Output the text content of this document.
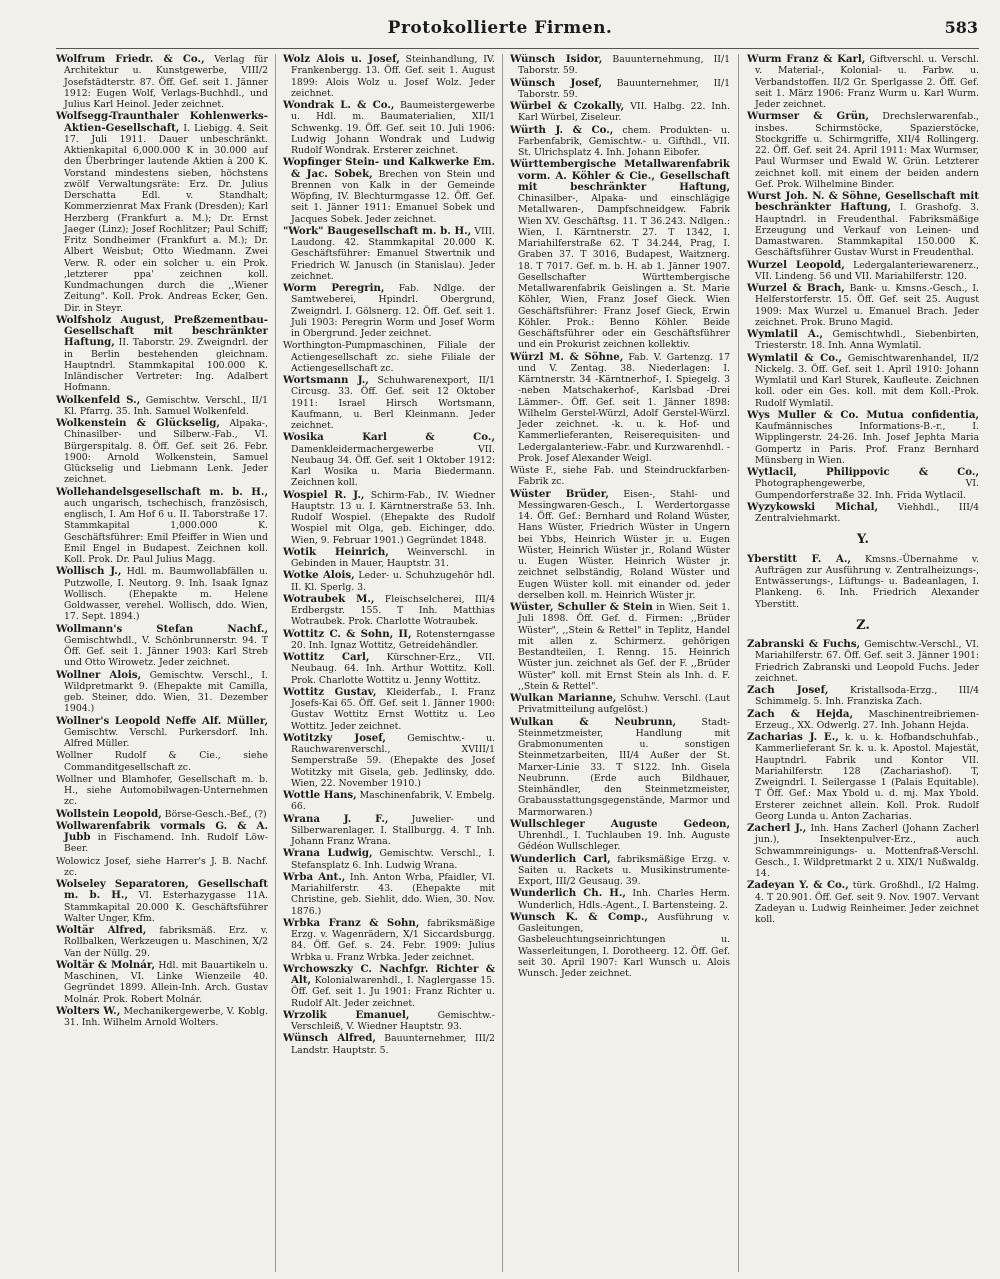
Protokollierte Firmen.	583
Wolfrum Friedr. & Co., Verlag für Architektur u. Kunstgewerbe, VIII/2 Josefstädterstr. 87. Öff. Gef. seit 1. Jänner 1912: Eugen Wolf, Verlags-Buchhdl., und Julius Karl Heinol. Jeder zeichnet.
Wolfsegg-Traunthaler Kohlenwerks-Aktien-Gesellschaft, I. Liebigg. 4. Seit 17. Juli 1911. Dauer unbeschränkt. Aktienkapital 6,000.000 K in 30.000 auf den Überbringer lautende Aktien à 200 K. Vorstand mindestens sieben, höchstens zwölf Verwaltungsräte: Erz. Dr. Julius Derschatta Edl. v. Standhalt; Kommerzienrat Max Frank (Dresden); Karl Herzberg (Frankfurt a. M.); Dr. Ernst Jaeger (Linz); Josef Rochlitzer; Paul Schiff; Fritz Sondheimer (Frankfurt a. M.); Dr. Albert Weisbut; Otto Wiedmann. Zwei Verw. R. oder ein solcher u. ein Prok. ,letzterer ppa' zeichnen koll. Kundmachungen durch die ,,Wiener Zeitung". Koll. Prok. Andreas Ecker, Gen. Dir. in Steyr.
Wolfsholz August, Preßzementbau-Gesellschaft mit beschränkter Haftung, II. Taborstr. 29. Zweigndrl. der in Berlin bestehenden gleichnam. Hauptndrl. Stammkapital 100.000 K. Inländischer Vertreter: Ing. Adalbert Hofmann.
Wolkenfeld S., Gemischtw. Verschl., II/1 Kl. Pfarrg. 35. Inh. Samuel Wolkenfeld.
Wolkenstein & Glückselig, Alpaka-, Chinasilber- und Silberw.-Fab., VI. Bürgerspitalg. 8. Öff. Gef. seit 26. Febr. 1900: Arnold Wolkenstein, Samuel Glückselig und Liebmann Lenk. Jeder zeichnet.
Wollehandelsgesellschaft m. b. H., auch ungarisch, tschechisch, französisch, englisch, I. Am Hof 6 u. II. Taborstraße 17. Stammkapital 1,000.000 K. Geschäftsführer: Emil Pfeiffer in Wien und Emil Engel in Budapest. Zeichnen koll. Koll. Prok. Dr. Paul Julius Magg.
Wollisch J., Hdl. m. Baumwollabfällen u. Putzwolle, I. Neutorg. 9. Inh. Isaak Ignaz Wollisch. (Ehepakte m. Helene Goldwasser, verehel. Wollisch, ddo. Wien, 17. Sept. 1894.)
Wollmann's Stefan Nachf., Gemischtwhdl., V. Schönbrunnerstr. 94. T Öff. Gef. seit 1. Jänner 1903: Karl Streb und Otto Wirowetz. Jeder zeichnet.
Wollner Alois, Gemischtw. Verschl., I. Wildpretmarkt 9. (Ehepakte mit Camilla, geb. Steiner, ddo. Wien, 31. Dezember 1904.)
Wollner's Leopold Neffe Alf. Müller, Gemischtw. Verschl. Purkersdorf. Inh. Alfred Müller.
Wollner Rudolf & Cie., siehe Commanditgesellschaft zc.
Wollner und Blamhofer, Gesellschaft m. b. H., siehe Automobilwagen-Unternehmen zc.
Wollstein Leopold, Börse-Gesch.-Bef., (?)
Wollwarenfabrik vormals G. & A. Jubb in Fischamend. Inh. Rudolf Löw-Beer.
Wolowicz Josef, siehe Harrer's J. B. Nachf. zc.
Wolseley Separatoren, Gesellschaft m. b. H., VI. Esterhazygasse 11A. Stammkapital 20.000 K. Geschäftsführer Walter Unger, Kfm.
Woltär Alfred, fabriksmäß. Erz. v. Rollbalken, Werkzeugen u. Maschinen, X/2 Van der Nüllg. 29.
Woltär & Molnár, Hdl. mit Bauartikeln u. Maschinen, VI. Linke Wienzeile 40. Gegründet 1899. Allein-Inh. Arch. Gustav Molnár. Prok. Robert Molnár.
Wolters W., Mechanikergewerbe, V. Koblg. 31. Inh. Wilhelm Arnold Wolters.
Wolz Alois u. Josef, Steinhandlung, IV. Frankenbergg. 13. Öff. Gef. seit 1. August 1899: Alois Wolz u. Josef Wolz. Jeder zeichnet.
Wondrak L. & Co., Baumeistergewerbe u. Hdl. m. Baumaterialien, XII/1 Schwenkg. 19. Öff. Gef. seit 10. Juli 1906: Ludwig Johann Wondrak und Ludwig Rudolf Wondrak. Ersterer zeichnet.
Wopfinger Stein- und Kalkwerke Em. & Jac. Sobek, Brechen von Stein und Brennen von Kalk in der Gemeinde Wöpfing, IV. Blechturmgasse 12. Öff. Gef. seit 1. Jänner 1911: Emanuel Sobek und Jacques Sobek. Jeder zeichnet.
"Work" Baugesellschaft m. b. H., VIII. Laudong. 42. Stammkapital 20.000 K. Geschäftsführer: Emanuel Stwertnik und Friedrich W. Janusch (in Stanislau). Jeder zeichnet.
Worm Peregrin, Fab. Ndlge. der Samtweberei, Hpindrl. Obergrund, Zweigndrl. I. Gölsnerg. 12. Öff. Gef. seit 1. Juli 1903: Peregrin Worm und Josef Worm in Obergrund. Jeder zeichnet.
Worthington-Pumpmaschinen, Filiale der Actiengesellschaft zc. siehe Filiale der Actiengesellschaft zc.
Wortsmann J., Schuhwarenexport, II/1 Circusg. 33. Öff. Gef. seit 12 Oktober 1911: Israel Hirsch Wortsmann, Kaufmann, u. Berl Kleinmann. Jeder zeichnet.
Wosika Karl & Co., Damenkleidermachergewerbe VII. Neubaug 34. Öff. Gef. seit 1 Oktober 1912: Karl Wosika u. Maria Biedermann. Zeichnen koll.
Wospiel R. J., Schirm-Fab., IV. Wiedner Hauptstr. 13 u. I. Kärntnerstraße 53. Inh. Rudolf Wospiel. (Ehepakte des Rudolf Wospiel mit Olga, geb. Eichinger, ddo. Wien, 9. Februar 1901.) Gegründet 1848.
Wotik Heinrich, Weinverschl. in Gebinden in Mauer, Hauptstr. 31.
Wotke Alois, Leder- u. Schuhzugehör hdl. II. Kl. Sperlg. 3.
Wotraubek M., Fleischselcherei, III/4 Erdbergstr. 155. T Inh. Matthias Wotraubek. Prok. Charlotte Wotraubek.
Wottitz C. & Sohn, II, Rotensterngasse 20. Inh. Ignaz Wottitz, Getreidehändler.
Wottitz Carl, Kürschner-Erz., VII. Neubaug. 64. Inh. Arthur Wottitz. Koll. Prok. Charlotte Wottitz u. Jenny Wottitz.
Wottitz Gustav, Kleiderfab., I. Franz Josefs-Kai 65. Öff. Gef. seit 1. Jänner 1900: Gustav Wottitz Ernst Wottitz u. Leo Wottitz. Jeder zeichnet.
Wotitzky Josef, Gemischtw.- u. Rauchwarenverschl., XVIII/1 Semperstraße 59. (Ehepakte des Josef Wotitzky mit Gisela, geb. Jedlinsky, ddo. Wien, 22. November 1910.)
Wottle Hans, Maschinenfabrik, V. Embelg. 66.
Wrana J. F., Juwelier- und Silberwarenlager. I. Stallburgg. 4. T Inh. Johann Franz Wrana.
Wrana Ludwig, Gemischtw. Verschl., I. Stefansplatz 6. Inh. Ludwig Wrana.
Wrba Ant., Inh. Anton Wrba, Pfaidler, VI. Mariahilferstr. 43. (Ehepakte mit Christine, geb. Siehlit, ddo. Wien, 30. Nov. 1876.)
Wrbka Franz & Sohn, fabriksmäßige Erzg. v. Wagenrädern, X/1 Siccardsburgg. 84. Öff. Gef. s. 24. Febr. 1909: Julius Wrbka u. Franz Wrbka. Jeder zeichnet.
Wrchowszky C. Nachfgr. Richter & Alt, Kolonialwarenhdl., I. Naglergasse 15. Öff. Gef. seit 1. Ju 1901: Franz Richter u. Rudolf Alt. Jeder zeichnet.
Wrzolik Emanuel,	Gemischtw.-Verschleiß, V. Wiedner Hauptstr. 93.
Wünsch Alfred, Bauunternehmer, III/2 Landstr. Hauptstr. 5.
Wünsch Isidor, Bauunternehmung, II/1 Taborstr. 59.
Wünsch Josef, Bauunternehmer, II/1 Taborstr. 59.
Würbel & Czokally, VII. Halbg. 22. Inh. Karl Würbel, Ziseleur.
Würth J. & Co., chem. Produkten- u. Farbenfabrik, Gemischtw.- u. Gifthdl., VII. St. Ulrichsplatz 4. Inh. Johann Eibofer.
Württembergische Metallwarenfabrik vorm. A. Köhler & Cie., Gesellschaft mit beschränkter Haftung, Chinasilber-, Alpaka- und einschlägige Metallwaren-, Dampfschneidgew. Fabrik Wien XV. Geschäftsg. 11. T 36.243. Ndlgen.: Wien, I. Kärntnerstr. 27. T 1342, I. Mariahilferstraße 62. T 34.244, Prag, I. Graben 37. T 3016, Budapest, Waitznerg. 18. T 7017. Gef. m. b. H. ab 1. Jänner 1907. Gesellschafter Württembergische Metallwarenfabrik Geislingen a. St. Marie Köhler, Wien, Franz Josef Gieck. Wien Geschäftsführer: Franz Josef Gieck, Erwin Köhler. Prok.: Benno Köhler. Beide Geschäftsführer oder ein Geschäftsführer und ein Prokurist zeichnen kollektiv.
Würzl M. & Söhne, Fab. V. Gartenzg. 17 und V. Zentag. 38. Niederlagen: I. Kärntnerstr. 34 -Kärntnerhof-, I. Spiegelg. 3 -neben Matschakerhof-, Karlsbad -Drei Lämmer-. Öff. Gef. seit 1. Jänner 1898: Wilhelm Gerstel-Würzl, Adolf Gerstel-Würzl. Jeder zeichnet. -k. u. k. Hof- und Kammerlieferanten, Reiserequisiten- und Ledergalanteriew.-Fabr. und Kurzwarenhdl. -Prok. Josef Alexander Weigl.
Wüste F., siehe Fab. und Steindruckfarben-Fabrik zc.
Wüster Brüder, Eisen-, Stahl- und Messingwaren-Gesch., I. Werdertorgasse 14. Öff. Gef.: Bernhard und Roland Wüster, Hans Wüster, Friedrich Wüster in Ungern bei Ybbs, Heinrich Wüster jr. u. Eugen Wüster, Heinrich Wüster jr., Roland Wüster u. Eugen Wüster. Heinrich Wüster jr. zeichnet selbständig, Roland Wüster und Eugen Wüster koll. mit einander od. jeder derselben koll. m. Heinrich Wüster jr.
Wüster, Schuller & Stein in Wien. Seit 1. Juli 1898. Öff. Gef. d. Firmen: ,,Brüder Wüster", ,,Stein & Rettel" in Teplitz, Handel mit allen z. Schirmerz. gehörigen Bestandteilen, I. Renng. 15. Heinrich Wüster jun. zeichnet als Gef. der F. ,,Brüder Wüster" koll. mit Ernst Stein als Inh. d. F. ,,Stein & Rettel".
Wulkan Marianne, Schuhw. Verschl. (Laut Privatmitteilung aufgelöst.)
Wulkan & Neubrunn,	Stadt-Steinmetzmeister, Handlung mit Grabmonumenten u. sonstigen Steinmetzarbeiten, III/4 Außer der St. Marxer-Linie 33. T S122. Inh. Gisela Neubrunn. (Erde auch Bildhauer, Steinhändler, den Steinmetzmeister, Grabausstattungsgegenstände, Marmor und Marmorwaren.)
Wullschleger Auguste Gedeon, Uhrenhdl., I. Tuchlauben 19. Inh. Auguste Gédéon Wullschleger.
Wunderlich Carl, fabriksmäßige Erzg. v. Saiten u. Rackets u. Musikinstrumente-Export, III/2 Geusaug. 39.
Wunderlich Ch. H., Inh. Charles Herm. Wunderlich, Hdls.-Agent., I. Bartensteing. 2.
Wunsch K. & Comp., Ausführung v. Gasleitungen, Gasbeleuchtungseinrichtungen u. Wasserleitungen, I. Dorotheerg. 12. Öff. Gef. seit 30. April 1907: Karl Wunsch u. Alois Wunsch. Jeder zeichnet.
Wurm Franz & Karl, Giftverschl. u. Verschl. v. Material-, Kolonial- u. Farbw. u. Verbandstoffen. II/2 Gr. Sperlgasse 2. Öff. Gef. seit 1. März 1906: Franz Wurm u. Karl Wurm. Jeder zeichnet.
Wurmser & Grün, Drechslerwarenfab., insbes. Schirmstöcke, Spazierstöcke, Stockgriffe u. Schirmgriffe, XII/4 Rollingerg. 22. Öff. Gef. seit 24. April 1911: Max Wurmser, Paul Wurmser und Ewald W. Grün. Letzterer zeichnet koll. mit einem der beiden andern Gef. Prok. Wilhelmine Binder.
Wurst Joh. N. & Söhne, Gesellschaft mit beschränkter Haftung, I. Grashofg. 3. Hauptndrl. in Freudenthal. Fabriksmäßige Erzeugung und Verkauf von Leinen- und Damastwaren. Stammkapital 150.000 K. Geschäftsführer Gustav Wurst in Freudenthal.
Wurzel Leopold, Ledergalanteriewarenerz., VII. Lindeng. 56 und VII. Mariahilferstr. 120.
Wurzel & Brach, Bank- u. Kmsns.-Gesch., I. Helferstorferstr. 15. Öff. Gef. seit 25. August 1909: Max Wurzel u. Emanuel Brach. Jeder zeichnet. Prok. Bruno Magid.
Wymlatil A., Gemischtwhdl., Siebenbirten, Triesterstr. 18. Inh. Anna Wymlatil.
Wymlatil & Co., Gemischtwarenhandel, II/2 Nickelg. 3. Öff. Gef. seit 1. April 1910: Johann Wymlatil und Karl Sturek, Kaufleute. Zeichnen koll. oder ein Ges. koll. mit dem Koll.-Prok. Rudolf Wymlatil.
Wys Muller & Co. Mutua confidentia, Kaufmännisches Informations-B.-r., I. Wipplingerstr. 24-26. Inh. Josef Jephta Maria Gompertz in Paris. Prof. Franz Bernhard Münsberg in Wien.
Wytlacil, Philippovic & Co., Photographengewerbe, VI. Gumpendorferstraße 32. Inh. Frida Wytlacil.
Wyzykowski Michal, Viehhdl., III/4 Zentralviehmarkt.
Y.
Yberstitt F. A., Kmsns.-Übernahme v. Aufträgen zur Ausführung v. Zentralheizungs-, Entwässerungs-, Lüftungs- u. Badeanlagen, I. Plankeng. 6. Inh. Friedrich Alexander Yberstitt.
Z.
Zabranski & Fuchs, Gemischtw.-Verschl., VI. Mariahilferstr. 67. Öff. Gef. seit 3. Jänner 1901: Friedrich Zabranski und Leopold Fuchs. Jeder zeichnet.
Zach Josef, Kristallsoda-Erzg., III/4 Schimmelg. 5. Inh. Franziska Zach.
Zach & Hejda, Maschinentreibriemen-Erzeug., XX. Odwerlg. 27. Inh. Johann Hejda.
Zacharias J. E., k. u. k. Hofbandschuhfab., Kammerlieferant Sr. k. u. k. Apostol. Majestät, Hauptndrl. Fabrik und Kontor VII. Mariahilferstr. 128 (Zachariashof). T, Zweigndrl. I. Seilergasse 1 (Palais Equitable). T Öff. Gef.: Max Ybold u. d. mj. Max Ybold. Ersterer zeichnet allein. Koll. Prok. Rudolf Georg Lunda u. Anton Zacharias.
Zacherl J., Inh. Hans Zacherl (Johann Zacherl jun.), Insektenpulver-Erz., auch Schwammreinigungs- u. Mottenfraß-Verschl. Gesch., I. Wildpretmarkt 2 u. XIX/1 Nußwaldg. 14.
Zadeyan Y. & Co., türk. Großhdl., I/2 Halmg. 4. T 20.901. Öff. Gef. seit 9. Nov. 1907. Vervant Zadeyan u. Ludwig Reinheimer. Jeder zeichnet koll.
